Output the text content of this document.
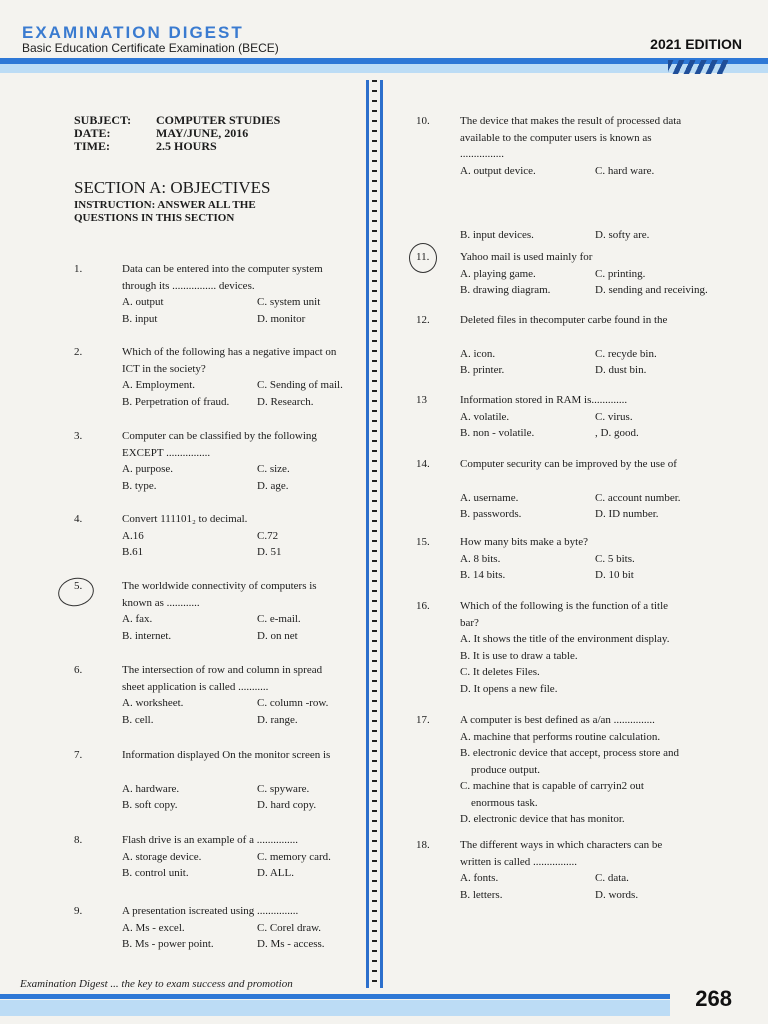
EXAMINATION DIGEST
Basic Education Certificate Examination (BECE)	2021 EDITION
SUBJECT:	COMPUTER STUDIES
DATE:	MAY/JUNE, 2016
TIME:	2.5 HOURS
SECTION A: OBJECTIVES
INSTRUCTION: ANSWER ALL THE QUESTIONS IN THIS SECTION
1.	Data can be entered into the computer system
through its ................ devices.
A. output	C. system unit
B. input	D. monitor
2.	Which of the following has a negative impact on
ICT in the society?
A. Employment.	C. Sending of mail.
B. Perpetration of fraud.	D. Research.
3.	Computer can be classified by the following
EXCEPT ................
A. purpose.	C. size.
B. type.	D. age.
4.	Convert 111101₂ to decimal.
A.16	C.72
B.61	D. 51
5.	The worldwide connectivity of computers is
known as ............
A. fax.	C. e-mail.
B. internet.	D. on net
6.	The intersection of row and column in spread
sheet application is called ...........
A. worksheet.	C. column -row.
B. cell.	D. range.
7.	Information displayed On the monitor screen is
A. hardware.	C. spyware.
B. soft copy.	D. hard copy.
8.	Flash drive is an example of a ...............
A. storage device.	C. memory card.
B. control unit.	D. ALL.
9.	A presentation iscreated using ...............
A. Ms - excel.	C. Corel draw.
B. Ms - power point.	D. Ms - access.
10.	The device that makes the result of processed data
available to the computer users is known as
................
A. output device.	C. hard ware.
B. input devices.	D. softy are.
11.	Yahoo mail is used mainly for
A. playing game.	C. printing.
B. drawing diagram.	D. sending and receiving.
12.	Deleted files in thecomputer carbe found in the
A. icon.	C. recyde bin.
B. printer.	D. dust bin.
13	Information stored in RAM is.............
A. volatile.	C. virus.
B. non - volatile.	, D. good.
14.	Computer security can be improved by the use of
A. username.	C. account number.
B. passwords.	D. ID number.
15.	How many bits make a byte?
A. 8 bits.	C. 5 bits.
B. 14 bits.	D. 10 bit
16.	Which of the following is the function of a title
bar?
A. It shows the title of the environment display.
B. It is use to draw a table.
C. It deletes Files.
D. It opens a new file.
17.	A computer is best defined as a/an ...............
A. machine that performs routine calculation.
B. electronic device that accept, process store and
produce output.
C. machine that is capable of carryin2 out
enormous task.
D. electronic device that has monitor.
18.	The different ways in which characters can be
written is called ................
A. fonts.	C. data.
B. letters.	D. words.
Examination Digest ... the key to exam success and promotion
268
